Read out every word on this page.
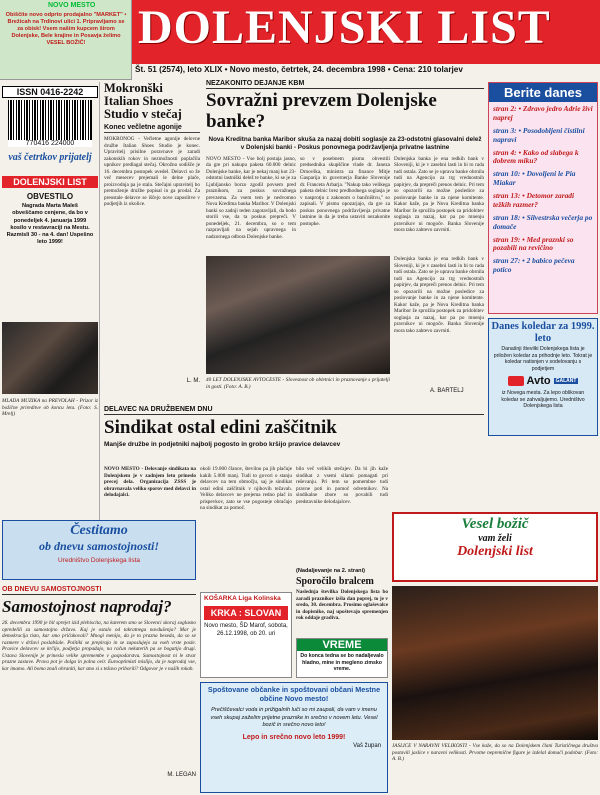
NOVO MESTO
Obiščite novo odprto prodajalno "MARKET" • Brežicah na Trdinovi ulici 1. Pripravljamo se za obisk! Vsem našim kupcem širom Dolenjske, Bele krajine in Posavja želimo VESEL BOŽIČ!	DOLENJSKI LIST
Št. 51 (2574), leto XLIX • Novo mesto, četrtek, 24. decembra 1998 • Cena: 210 tolarjev
ISSN 0416-2242
770416 224000
vaš četrtkov prijatelj
DOLENJSKI LIST
OBVESTILO
Nagrada Marta Maleš obveščamo cenjene, da bo v ponedeljek 4. januarja 1999 kosilo v restavraciji na Mestu. Razmisli 30 - na 4. dan! Uspešno leto 1999!
MLADA MUZIKA na PREVOLAH - Prizor iz božične prireditve ob koncu leta. (Foto: S. Mrelj)
Mokronški Italian Shoes Studio v stečaj
Konec večletne agonije
MOKRONOG - Večletne agonije delovne družbe Italian Shoes Studio je konec. Upravitelj prisilne poravnave je zaradi zakonskih rokov in nezmožnosti poplačila upnikov predlagal stečaj. Okrožno sodišče je 16. decembra postopek uvedel. Delavci so že več mesecev prejemali le delne plače, proizvodnja pa je stala. Stečajni upravitelj bo premoženje družbe popisal in ga prodal. Za preostale delavce se iščejo nove zaposlitve v podjetjih iz okolice.
L. M.
NEZAKONITO DEJANJE KBM
Sovražni prevzem Dolenjske banke?
Nova Kreditna banka Maribor skuša za nazaj dobiti soglasje za 23-odstotni glasovalni delež v Dolenjski banki - Poskus ponovnega podržavljenja privatne lastnine
NOVO MESTO - Vse bolj postaja jasno, da gre pri nakupu paketa 60.000 delnic Dolenjske banke, kar je nekaj manj kot 23-odstotni lastniški delež te banke, ki se je za Ljubljansko borzo zgodil povsem pred praznikom, za poskus sovražnega prevzema. Za vsem tem je nedvomno Nova Kreditna banka Maribor. V Dolenjski banki so zadnji teden zagotavljali, da bodo storili vse, da ta poskus prepreči. V ponedeljek, 21. decembra, so o tem razpravljali na sejah upravnega in nadzornega odbora Dolenjske banke.
so v posebnem pismu obvestili predsednika skupščine vlade dr. Janeza Drnovška, ministra za finance Mitje Gasparija in guvernerja Banke Slovenije dr. Franceta Arharja. "Nakup tako velikega paketa delnic brez predhodnega soglasja je v nasprotju z zakonom o bančništvu," so zapisali. V pismu opozarjajo, da gre za poskus ponovnega podržavljenja privatne lastnine in da je treba ustaviti nezakonite postopke.
Dolenjska banka je ena redkih bank v Sloveniji, ki je v zasebni lasti in bi to rada tudi ostala. Zato se je uprava banke obrnila tudi na Agencijo za trg vrednostnih papirjev, da prepreči prenos delnic. Pri tem so opozorili na možne posledice za poslovanje banke in za njene komitente. Kakor kaže, pa je Nova Kreditna banka Maribor že sprožila postopek za pridobitev soglasja za nazaj, kar pa po mnenju pravnikov ni mogoče. Banka Slovenije mora tako zahtevo zavrniti.
40 LET DOLENJSKE AVTOCESTE - Slovesnost ob obletnici in praznovanje s prijatelji in gosti. (Foto: A. B.)
Dolenjska banka je ena redkih bank v Sloveniji, ki je v zasebni lasti in bi to rada tudi ostala. Zato se je uprava banke obrnila tudi na Agencijo za trg vrednostnih papirjev, da prepreči prenos delnic. Pri tem so opozorili na možne posledice za poslovanje banke in za njene komitente. Kakor kaže, pa je Nova Kreditna banka Maribor že sprožila postopek za pridobitev soglasja za nazaj, kar pa po mnenju pravnikov ni mogoče. Banka Slovenije mora tako zahtevo zavrniti.
A. BARTELJ
Berite danes
stran 2: • Zdravo jedro Adrie živi naprej
stran 3: • Posodobljeni čistilni napravi
stran 4: • Kako od slabega k dobrem miku?
stran 10: • Dovoljeni le Pia Miakar
stran 13: • Detomor zaradi težkih razmer?
stran 18: • Silvestrska večerja po domače
stran 19: • Med praznki so pozabili na revičino
stran 27: • 2 babico pečeva potico
Danes koledar za 1999. leto
Današnji številki Dolenjskega lista je priložen koledar za prihodnje leto. Tokrat je koledar natisnjen v sodelovanju s podjetjem
Avto	GALANT
iz Novega mesta. Za lepo oblikovan koledar se zahvaljujemo. Uredništvo Dolenjskega lista
DELAVEC NA DRUŽBENEM DNU
Sindikat ostal edini zaščitnik
Manjše družbe in podjetniki najbolj pogosto in grobo kršijo pravice delavcev
NOVO MESTO - Delovanje sindikata na Dolenjskem je v zadnjem letu prineslo precej dela. Organizacija ZSSS je obravnavala veliko sporov med delavci in delodajalci.
okoli 19.000 članov, številno pa jih plačuje kakih 5.000 manj. Tudi to govori o stanju delavcev na tem območju, saj je sindikat ostal edini zaščitnik v njihovih težavah. Veliko delavcev ne prejema redno plač in prispevkov, zato se vse pogosteje obračajo na sindikat za pomoč.
bilo več velikih stečajev. Da bi jih kaže sindikat z vsemi silami pomagati pri reševanju. Pri tem so pomembne tudi pravne poti in pomoč odvetnikov. Na sindikalne zbore so povabili tudi predstavnike delodajalcev.
(Nadaljevanje na 2. strani)
Čestitamo
ob dnevu samostojnosti!
Uredništvo Dolenjskega lista
OB DNEVU SAMOSTOJNOSTI
Samostojnost naprodaj?
26. decembra 1990 je bil sprejet izid plebiscita, na katerem smo se Slovenci skoraj soglasno opredelili za samostojno državo. Kaj je ostalo od takratnega navdušenja? Mar je demokracija tisto, kar smo pričakovali? Mnogi menijo, da je to prazna beseda, da so se razmere v državi poslabšale. Politiki se prepirajo in se zaposlujejo za vseh vrste posle. Pravice delavcev se krčijo, podjetja propadajo, na račun nekaterih pa se bogatijo drugi. Ustava Slovenije je prinesla velike spremembe v gospodarstvu. Samostojnost ni le stvar prazne zastave. Prava pot je dolga in polna ovir. Eurooptimisti mislijo, da je naprodaj vse, kar imamo. Ali bomo znali ohraniti, kar smo si s težavo priborili? Odgovor je v naših rokah.
M. LEGAN
Sporočilo bralcem
Naslednja številka Dolenjskega lista bo zaradi praznikov izšla dan poprej, to je v sredo, 30. decembra. Prosimo oglaševalce in dopisnike, naj upoštevajo spremenjen rok oddaje gradiva.
KOŠARKA Liga Kolinska
KRKA : SLOVAN
Novo mesto, ŠD Marof, sobota, 26.12.1998, ob 20. uri
VREME
Do konca tedna se bo nadaljevalo hladno, mine in megleno zimsko vreme.
Vesel božič
vam želi
Dolenjski list
JASLICE V NARAVNI VELIKOSTI - Vse kaže, da so na Dolenjskem člani Turističnega društva postavili jaslice v naravni velikosti. Prvotne nepremične figure je izdelal domači podobar. (Foto: A. B.)
Spoštovane občanke in spoštovani občani Mestne občine Novo mesto!
Prečiščevalci voda in prižigalnih luči so mi zaupali, da vam v imenu vseh skupaj zaželim prijetne praznike in srečno v novem letu. Vesel bozič in srečno novo leto!
Lepo in srečno novo leto 1999!
Vaš župan
